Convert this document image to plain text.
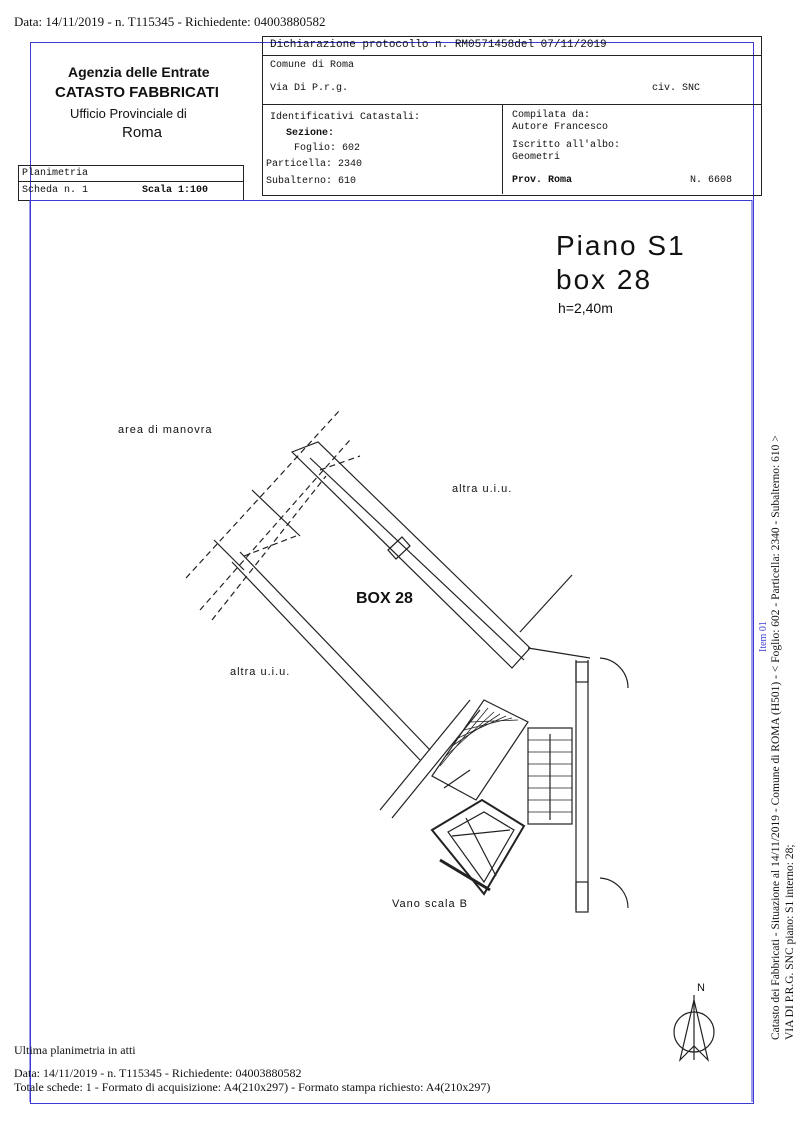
Data: 14/11/2019 - n. T115345 - Richiedente: 04003880582
Agenzia delle Entrate
CATASTO FABBRICATI
Ufficio Provinciale di
Roma
Planimetria
Scheda n. 1	Scala 1:100
Dichiarazione protocollo n. RM0571458del 07/11/2019
Comune di Roma
Via Di P.r.g.	civ. SNC
Identificativi Catastali:
Sezione:
Foglio: 602
Particella: 2340
Subalterno: 610
Compilata da:
Autore Francesco
Iscritto all'albo:
Geometri
Prov. Roma	N. 6608
Piano S1
box 28
h=2,40m
area di manovra
altra u.i.u.
altra u.i.u.
BOX 28
Vano scala B
N	Catasto dei Fabbricati - Situazione al 14/11/2019 - Comune di ROMA (H501) - < Foglio: 602 - Particella: 2340 - Subalterno: 610 > VIA DI P.R.G. SNC piano: S1 interno: 28;
Item 01
Ultima planimetria in atti
Data: 14/11/2019 - n. T115345 - Richiedente: 04003880582
Totale schede: 1 - Formato di acquisizione: A4(210x297) - Formato stampa richiesto: A4(210x297)
